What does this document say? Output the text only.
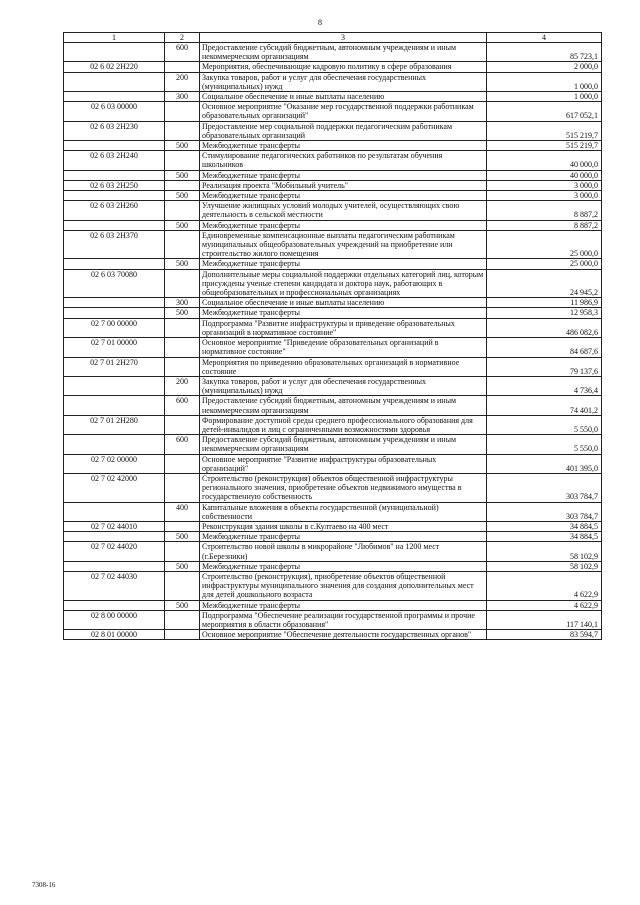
8
1	2	3	4
	600	Предоставление субсидий бюджетным, автономным учреждениям и иным некоммерческим организациям	85 723,1
02 6 02 2Н220		Мероприятия, обеспечивающие кадровую политику в сфере образования	2 000,0
	200	Закупка товаров, работ и услуг для обеспечения государственных (муниципальных) нужд	1 000,0
	300	Социальное обеспечение и иные выплаты населению	1 000,0
02 6 03 00000		Основное мероприятие "Оказание мер государственной поддержки работникам образовательных организаций"	617 052,1
02 6 03 2Н230		Предоставление мер социальной поддержки педагогическим работникам образовательных организаций	515 219,7
	500	Межбюджетные трансферты	515 219,7
02 6 03 2Н240		Стимулирование педагогических работников по результатам обучения школьников	40 000,0
	500	Межбюджетные трансферты	40 000,0
02 6 03 2Н250		Реализация проекта "Мобильный учитель"	3 000,0
	500	Межбюджетные трансферты	3 000,0
02 6 03 2Н260		Улучшение жилищных условий молодых учителей, осуществляющих свою деятельность в сельской местности	8 887,2
	500	Межбюджетные трансферты	8 887,2
02 6 03 2Н370		Единовременные компенсационные выплаты педагогическим работникам муниципальных общеобразовательных учреждений на приобретение или строительство жилого помещения	25 000,0
	500	Межбюджетные трансферты	25 000,0
02 6 03 70080		Дополнительные меры социальной поддержки отдельных категорий лиц, которым присуждены ученые степени кандидата и доктора наук, работающих в общеобразовательных и профессиональных организациях	24 945,2
	300	Социальное обеспечение и иные выплаты населению	11 986,9
	500	Межбюджетные трансферты	12 958,3
02 7 00 00000		Подпрограмма "Развитие инфраструктуры и приведение образовательных организаций в нормативное состояние"	486 082,6
02 7 01 00000		Основное мероприятие "Приведение образовательных организаций в нормативное состояние"	84 687,6
02 7 01 2Н270		Мероприятия по приведению образовательных организаций в нормативное состояние	79 137,6
	200	Закупка товаров, работ и услуг для обеспечения государственных (муниципальных) нужд	4 736,4
	600	Предоставление субсидий бюджетным, автономным учреждениям и иным некоммерческим организациям	74 401,2
02 7 01 2Н280		Формирование доступной среды среднего профессионального образования для детей-инвалидов и лиц с ограниченными возможностями здоровья	5 550,0
	600	Предоставление субсидий бюджетным, автономным учреждениям и иным некоммерческим организациям	5 550,0
02 7 02 00000		Основное мероприятие "Развитие инфраструктуры образовательных организаций"	401 395,0
02 7 02 42000		Строительство (реконструкция) объектов общественной инфраструктуры регионального значения, приобретение объектов недвижимого имущества в государственную собственность	303 784,7
	400	Капитальные вложения в объекты государственной (муниципальной) собственности	303 784,7
02 7 02 44010		Реконструкция здания школы в с.Култаево на 400 мест	34 884,5
	500	Межбюджетные трансферты	34 884,5
02 7 02 44020		Строительство новой школы в микрорайоне "Любимов" на 1200 мест (г.Березники)	58 102,9
	500	Межбюджетные трансферты	58 102,9
02 7 02 44030		Строительство (реконструкция), приобретение объектов общественной инфраструктуры муниципального значения для создания дополнительных мест для детей дошкольного возраста	4 622,9
	500	Межбюджетные трансферты	4 622,9
02 8 00 00000		Подпрограмма "Обеспечение реализации государственной программы и прочие мероприятия в области образования"	117 140,1
02 8 01 00000		Основное мероприятие "Обеспечение деятельности государственных органов"	83 594,7
7308-16
